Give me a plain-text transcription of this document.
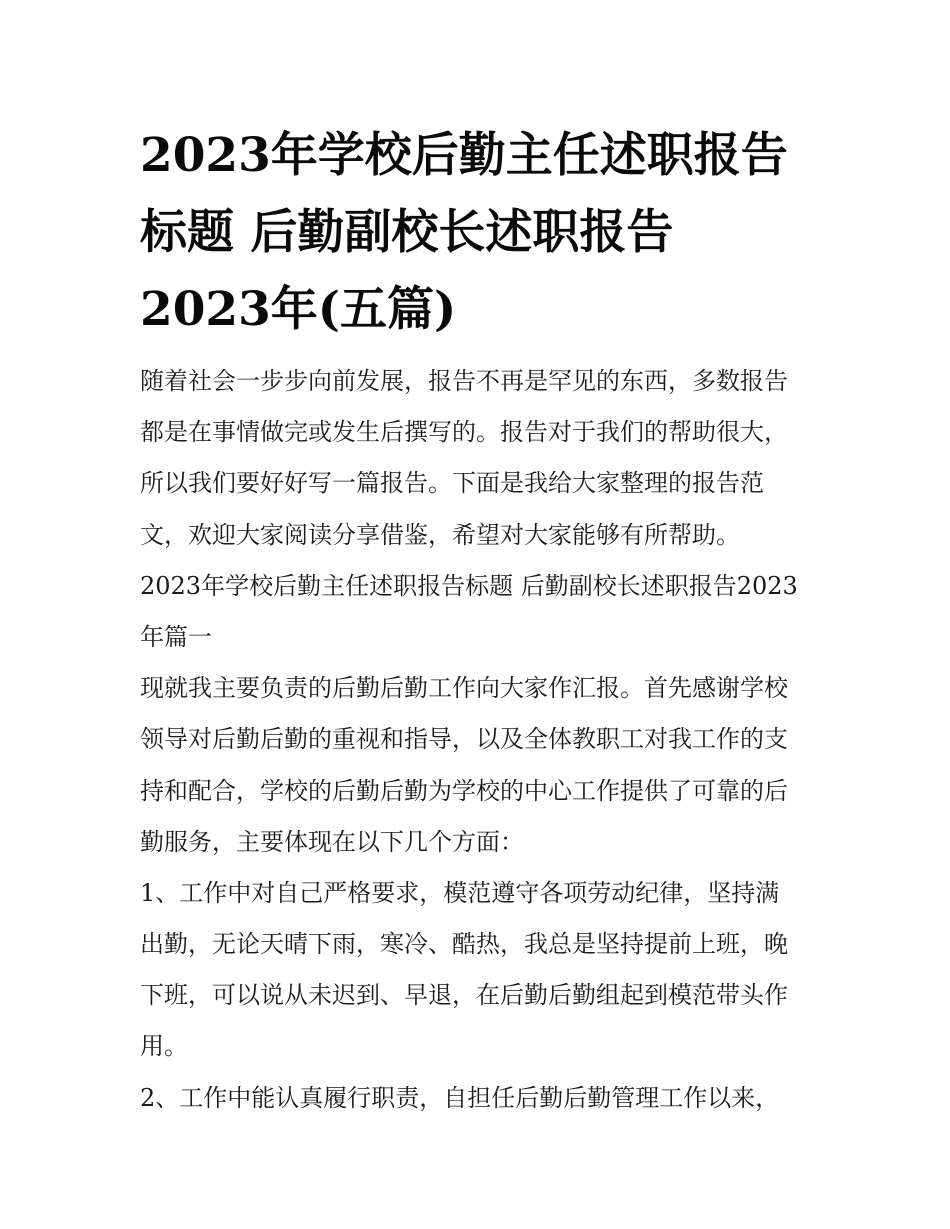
2023年学校后勤主任述职报告
标题 后勤副校长述职报告
2023年(五篇)
随着社会一步步向前发展，报告不再是罕见的东西，多数报告
都是在事情做完或发生后撰写的。报告对于我们的帮助很大，
所以我们要好好写一篇报告。下面是我给大家整理的报告范
文，欢迎大家阅读分享借鉴，希望对大家能够有所帮助。
2023年学校后勤主任述职报告标题 后勤副校长述职报告2023
年篇一
现就我主要负责的后勤后勤工作向大家作汇报。首先感谢学校
领导对后勤后勤的重视和指导，以及全体教职工对我工作的支
持和配合，学校的后勤后勤为学校的中心工作提供了可靠的后
勤服务，主要体现在以下几个方面：
1、工作中对自己严格要求，模范遵守各项劳动纪律，坚持满
出勤，无论天晴下雨，寒冷、酷热，我总是坚持提前上班，晚
下班，可以说从未迟到、早退，在后勤后勤组起到模范带头作
用。
2、工作中能认真履行职责，自担任后勤后勤管理工作以来，
